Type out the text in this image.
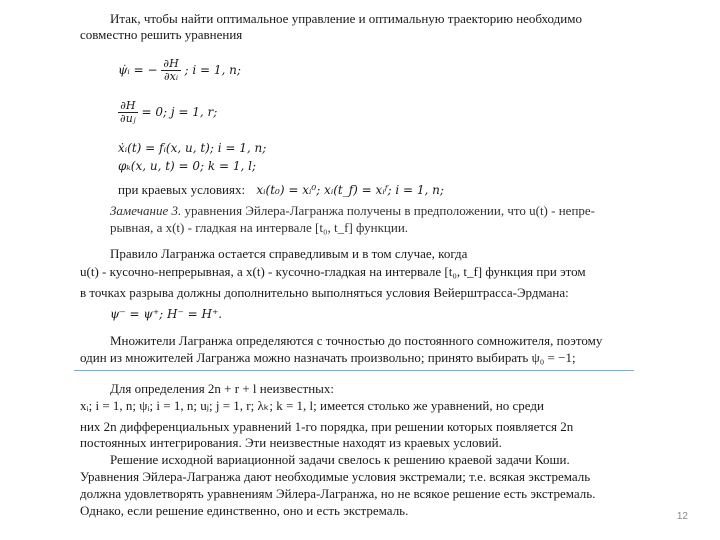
Итак, чтобы найти оптимальное управление и оптимальную траекторию необходимо
совместно решить уравнения
ψ̇ᵢ = − $\frac{\partial H}{\text{∂xᵢ}}$ ; i = 1, n;
$\frac{\partial H}{\text{∂uⱼ}} = 0$; j = 1, r;
ẋᵢ(t) = fᵢ(x, u, t); i = 1, n;
φₖ(x, u, t) = 0; k = 1, l;
при краевых условиях: xᵢ(t₀) = xᵢ⁰; xᵢ(t_f) = xᵢᶠ; i = 1, n;
Замечание 3. уравнения Эйлера-Лагранжа получены в предположении, что u(t) - непре-
рывная, а x(t) - гладкая на интервале [t₀, t_f] функции.
Правило Лагранжа остается справедливым и в том случае, когда
u(t) - кусочно-непрерывная, а x(t) - кусочно-гладкая на интервале [t₀, t_f] функция при этом
в точках разрыва должны дополнительно выполняться условия Вейерштрасса-Эрдмана:
ψ⁻ = ψ⁺; H⁻ = H⁺.
Множители Лагранжа определяются с точностью до постоянного сомножителя, поэтому
один из множителей Лагранжа можно назначать произвольно; принято выбирать ψ₀ = −1;
Для определения 2n + r + l неизвестных:
xᵢ; i = 1, n; ψᵢ; i = 1, n; uⱼ; j = 1, r; λₖ; k = 1, l; имеется столько же уравнений, но среди
них 2n дифференциальных уравнений 1-го порядка, при решении которых появляется 2n
постоянных интегрирования. Эти неизвестные находят из краевых условий.
Решение исходной вариационной задачи свелось к решению краевой задачи Коши.
Уравнения Эйлера-Лагранжа дают необходимые условия экстремали; т.е. всякая экстремаль
должна удовлетворять уравнениям Эйлера-Лагранжа, но не всякое решение есть экстремаль.
Однако, если решение единственно, оно и есть экстремаль.	12
